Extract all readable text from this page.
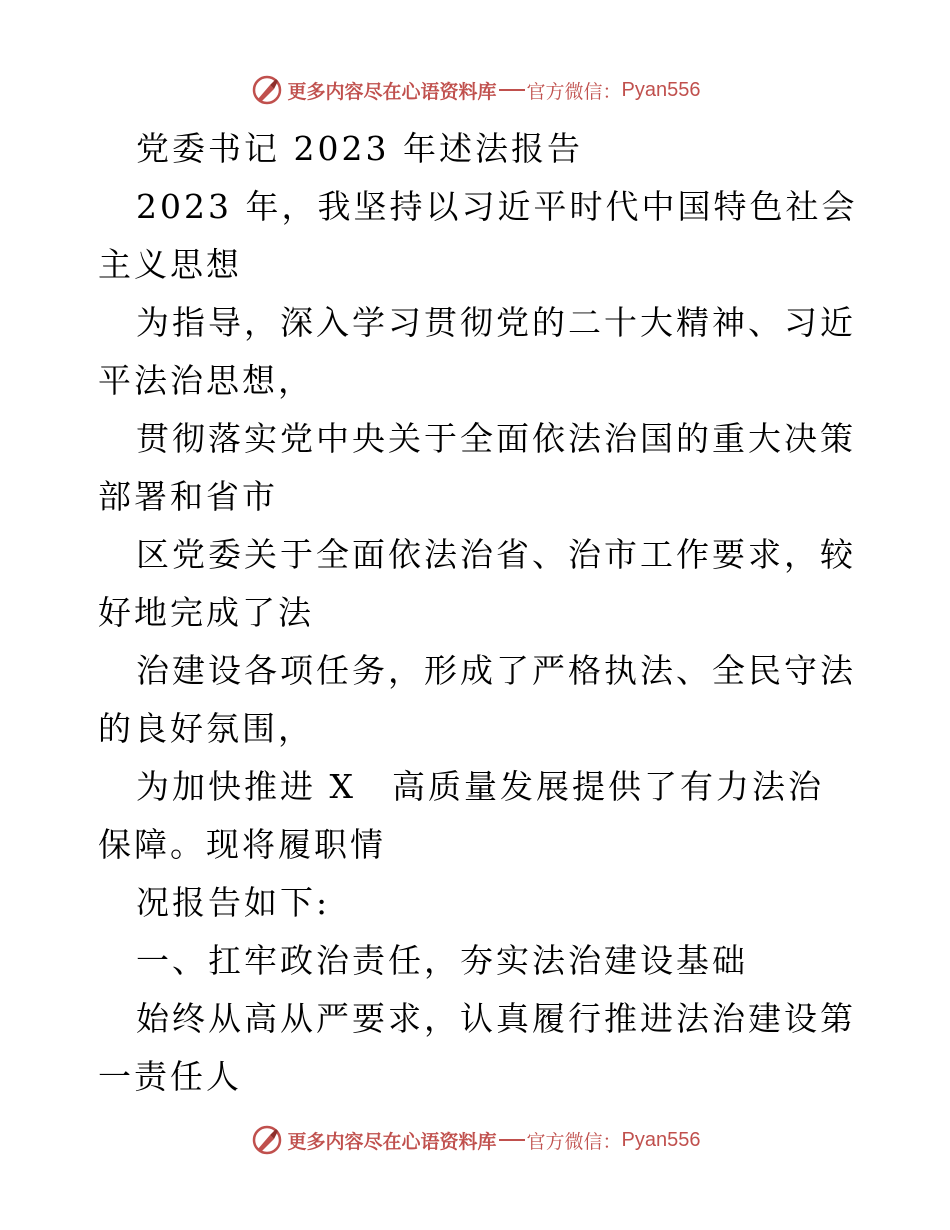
更多内容尽在心语资料库 官方微信： Pyan556

党委书记 2023 年述法报告

2023 年，我坚持以习近平时代中国特色社会主义思想

为指导，深入学习贯彻党的二十大精神、习近平法治思想，

贯彻落实党中央关于全面依法治国的重大决策部署和省市

区党委关于全面依法治省、治市工作要求，较好地完成了法

治建设各项任务，形成了严格执法、全民守法的良好氛围，

为加快推进 X　高质量发展提供了有力法治保障。现将履职情

况报告如下:

一、扛牢政治责任，夯实法治建设基础

始终从高从严要求，认真履行推进法治建设第一责任人

更多内容尽在心语资料库 官方微信： Pyan556
